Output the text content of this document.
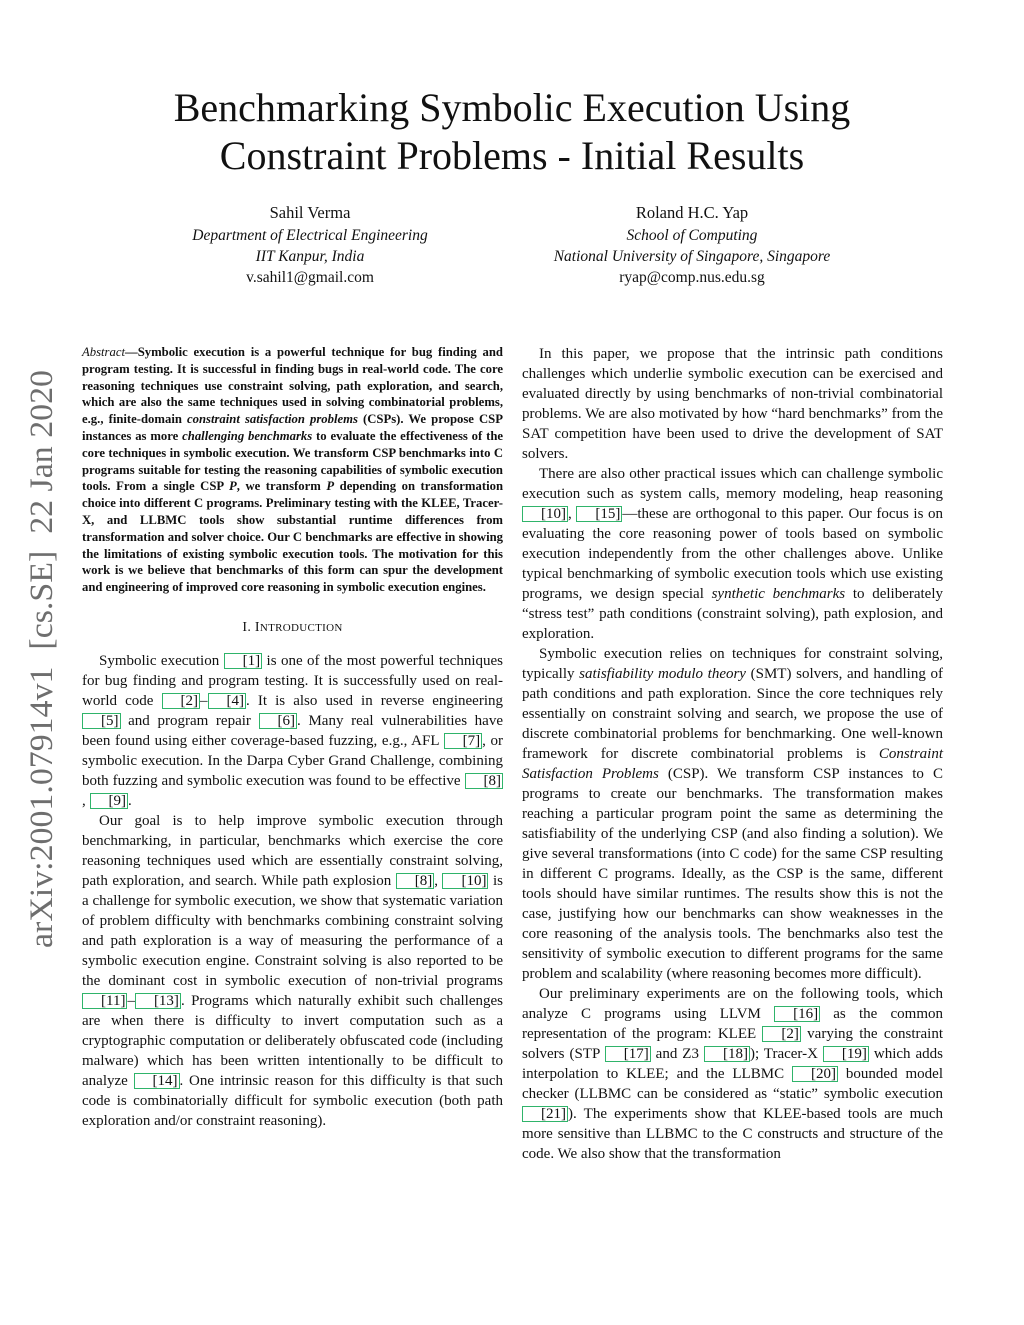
arXiv:2001.07914v1  [cs.SE]  22 Jan 2020
Benchmarking Symbolic Execution Using
Constraint Problems - Initial Results
Sahil Verma
Department of Electrical Engineering
IIT Kanpur, India
v.sahil1@gmail.com
Roland H.C. Yap
School of Computing
National University of Singapore, Singapore
ryap@comp.nus.edu.sg
Abstract—Symbolic execution is a powerful technique for bug finding and program testing. It is successful in finding bugs in real-world code. The core reasoning techniques use constraint solving, path exploration, and search, which are also the same techniques used in solving combinatorial problems, e.g., finite-domain constraint satisfaction problems (CSPs). We propose CSP instances as more challenging benchmarks to evaluate the effectiveness of the core techniques in symbolic execution. We transform CSP benchmarks into C programs suitable for testing the reasoning capabilities of symbolic execution tools. From a single CSP P, we transform P depending on transformation choice into different C programs. Preliminary testing with the KLEE, Tracer-X, and LLBMC tools show substantial runtime differences from transformation and solver choice. Our C benchmarks are effective in showing the limitations of existing symbolic execution tools. The motivation for this work is we believe that benchmarks of this form can spur the development and engineering of improved core reasoning in symbolic execution engines.
I. INTRODUCTION

Symbolic execution [1] is one of the most powerful techniques for bug finding and program testing. It is successfully used on real-world code [2] – [4] . It is also used in reverse engineering [5] and program repair [6] . Many real vulnerabilities have been found using either coverage-based fuzzing, e.g., AFL [7] , or symbolic execution. In the Darpa Cyber Grand Challenge, combining both fuzzing and symbolic execution was found to be effective [8], [9] .

Our goal is to help improve symbolic execution through benchmarking, in particular, benchmarks which exercise the core reasoning techniques used which are essentially constraint solving, path exploration, and search. While path explosion [8] , [10] is a challenge for symbolic execution, we show that systematic variation of problem difficulty with benchmarks combining constraint solving and path exploration is a way of measuring the performance of a symbolic execution engine. Constraint solving is also reported to be the dominant cost in symbolic execution of non-trivial programs [11] – [13] . Programs which naturally exhibit such challenges are when there is difficulty to invert computation such as a cryptographic computation or deliberately obfuscated code (including malware) which has been written intentionally to be difficult to analyze [14] . One intrinsic reason for this difficulty is that such code is combinatorially difficult for symbolic execution (both path exploration and/or constraint reasoning).

In this paper, we propose that the intrinsic path conditions challenges which underlie symbolic execution can be exercised and evaluated directly by using benchmarks of non-trivial combinatorial problems. We are also motivated by how “hard benchmarks” from the SAT competition have been used to drive the development of SAT solvers.

There are also other practical issues which can challenge symbolic execution such as system calls, memory modeling, heap reasoning [10] , [15] —these are orthogonal to this paper. Our focus is on evaluating the core reasoning power of tools based on symbolic execution independently from the other challenges above. Unlike typical benchmarking of symbolic execution tools which use existing programs, we design special synthetic benchmarks to deliberately “stress test” path conditions (constraint solving), path explosion, and exploration.

Symbolic execution relies on techniques for constraint solving, typically satisfiability modulo theory (SMT) solvers, and handling of path conditions and path exploration. Since the core techniques rely essentially on constraint solving and search, we propose the use of discrete combinatorial problems for benchmarking. One well-known framework for discrete combinatorial problems is Constraint Satisfaction Problems (CSP). We transform CSP instances to C programs to create our benchmarks. The transformation makes reaching a particular program point the same as determining the satisfiability of the underlying CSP (and also finding a solution). We give several transformations (into C code) for the same CSP resulting in different C programs. Ideally, as the CSP is the same, different tools should have similar runtimes. The results show this is not the case, justifying how our benchmarks can show weaknesses in the core reasoning of the analysis tools. The benchmarks also test the sensitivity of symbolic execution to different programs for the same problem and scalability (where reasoning becomes more difficult).

Our preliminary experiments are on the following tools, which analyze C programs using LLVM [16] as the common representation of the program: KLEE [2] varying the constraint solvers (STP [17] and Z3 [18] ); Tracer-X [19] which adds interpolation to KLEE; and the LLBMC [20] bounded model checker (LLBMC can be considered as “static” symbolic execution [21] ). The experiments show that KLEE-based tools are much more sensitive than LLBMC to the C constructs and structure of the code. We also show that the transformation
